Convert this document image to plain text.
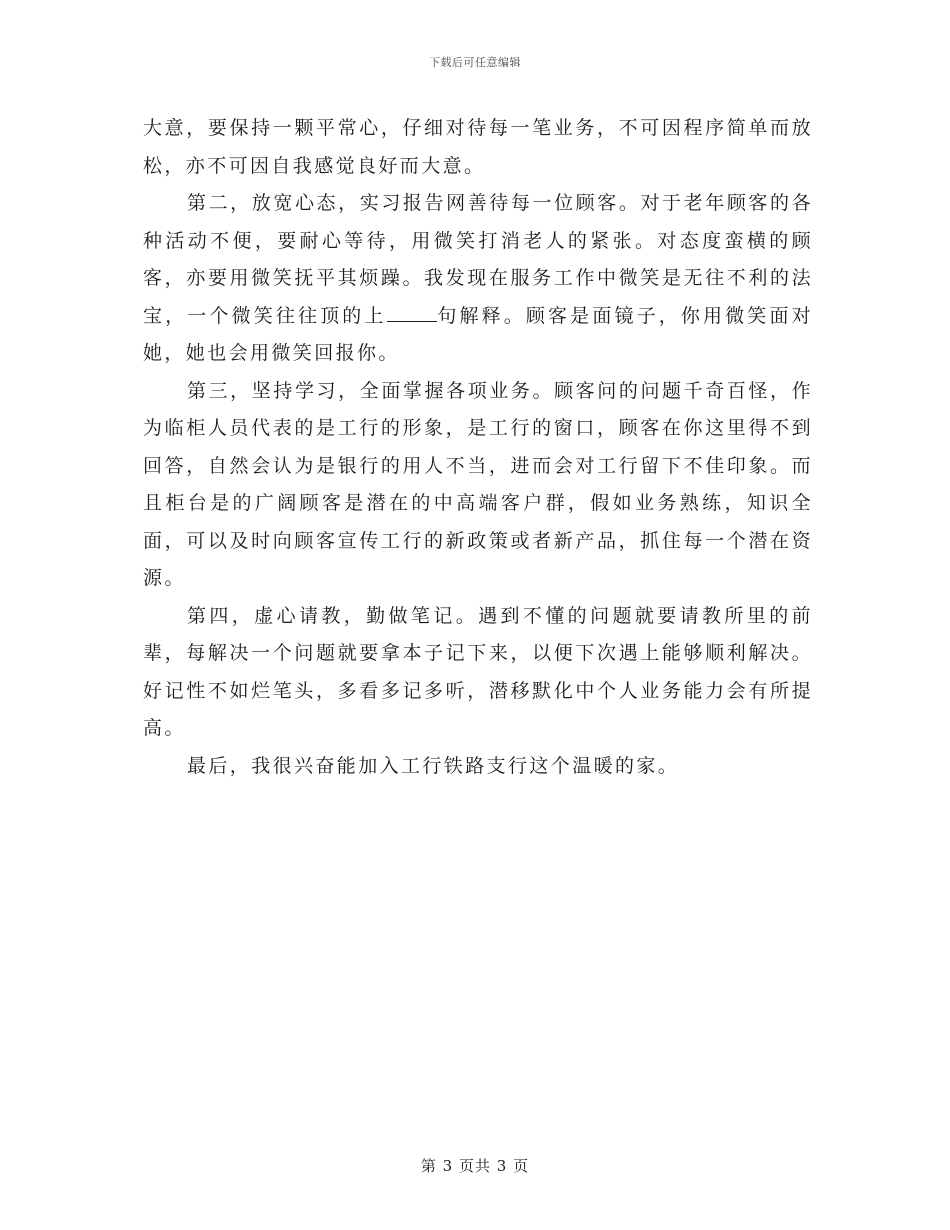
下载后可任意编辑

大意，要保持一颗平常心，仔细对待每一笔业务，不可因程序简单而放松，亦不可因自我感觉良好而大意。

第二，放宽心态，实习报告网善待每一位顾客。对于老年顾客的各种活动不便，要耐心等待，用微笑打消老人的紧张。对态度蛮横的顾客，亦要用微笑抚平其烦躁。我发现在服务工作中微笑是无往不利的法宝，一个微笑往往顶的上	句解释。顾客是面镜子，你用微笑面对她，她也会用微笑回报你。

第三，坚持学习，全面掌握各项业务。顾客问的问题千奇百怪，作为临柜人员代表的是工行的形象，是工行的窗口，顾客在你这里得不到回答，自然会认为是银行的用人不当，进而会对工行留下不佳印象。而且柜台是的广阔顾客是潜在的中高端客户群，假如业务熟练，知识全面，可以及时向顾客宣传工行的新政策或者新产品，抓住每一个潜在资源。

第四，虚心请教，勤做笔记。遇到不懂的问题就要请教所里的前辈，每解决一个问题就要拿本子记下来，以便下次遇上能够顺利解决。好记性不如烂笔头，多看多记多听，潜移默化中个人业务能力会有所提高。

最后，我很兴奋能加入工行铁路支行这个温暖的家。

第 3 页共 3 页
